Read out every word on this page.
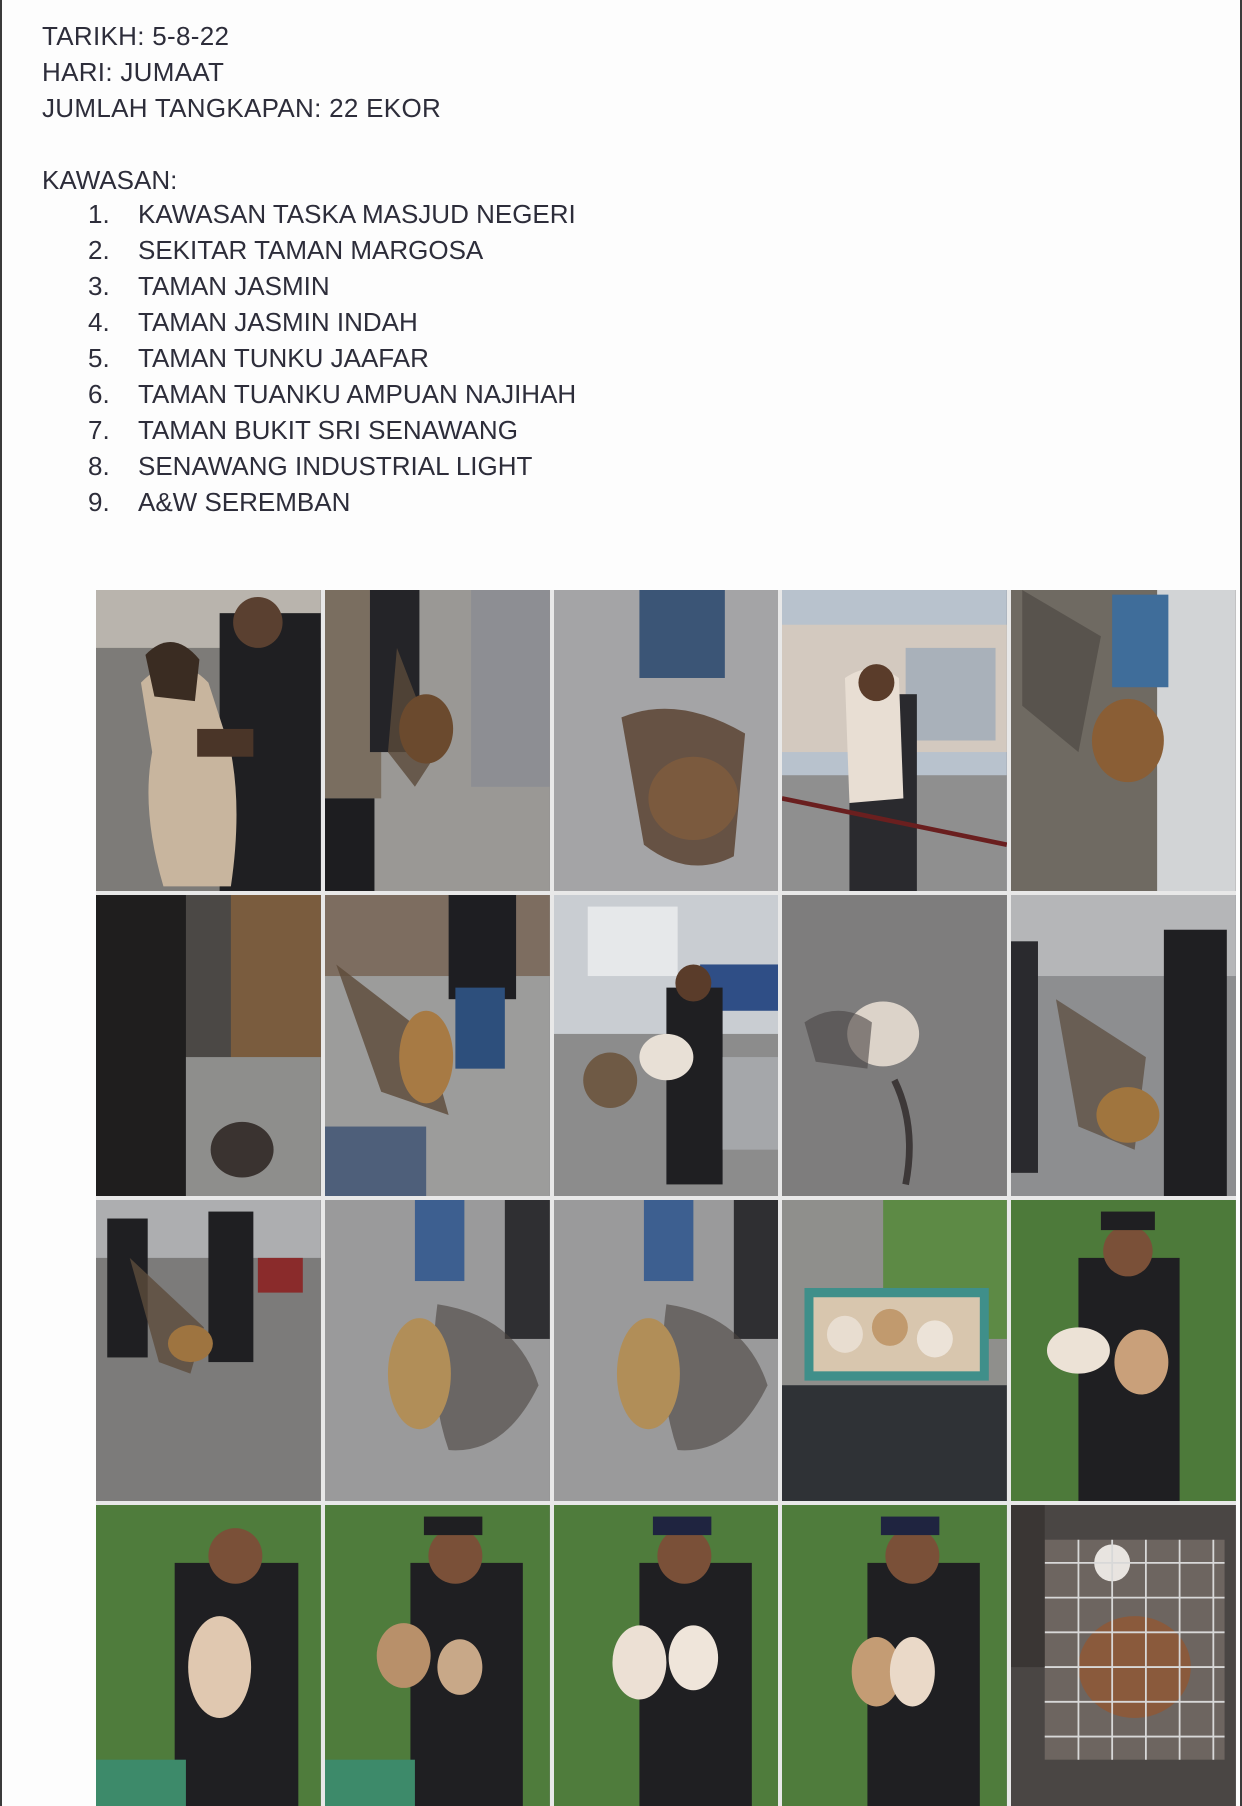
TARIKH: 5-8-22
HARI: JUMAAT
JUMLAH TANGKAPAN: 22 EKOR
KAWASAN:
1.	KAWASAN TASKA MASJUD NEGERI
2.	SEKITAR TAMAN MARGOSA
3.	TAMAN JASMIN
4.	TAMAN JASMIN INDAH
5.	TAMAN TUNKU JAAFAR
6.	TAMAN TUANKU AMPUAN NAJIHAH
7.	TAMAN BUKIT SRI SENAWANG
8.	SENAWANG INDUSTRIAL LIGHT
9.	A&W SEREMBAN
